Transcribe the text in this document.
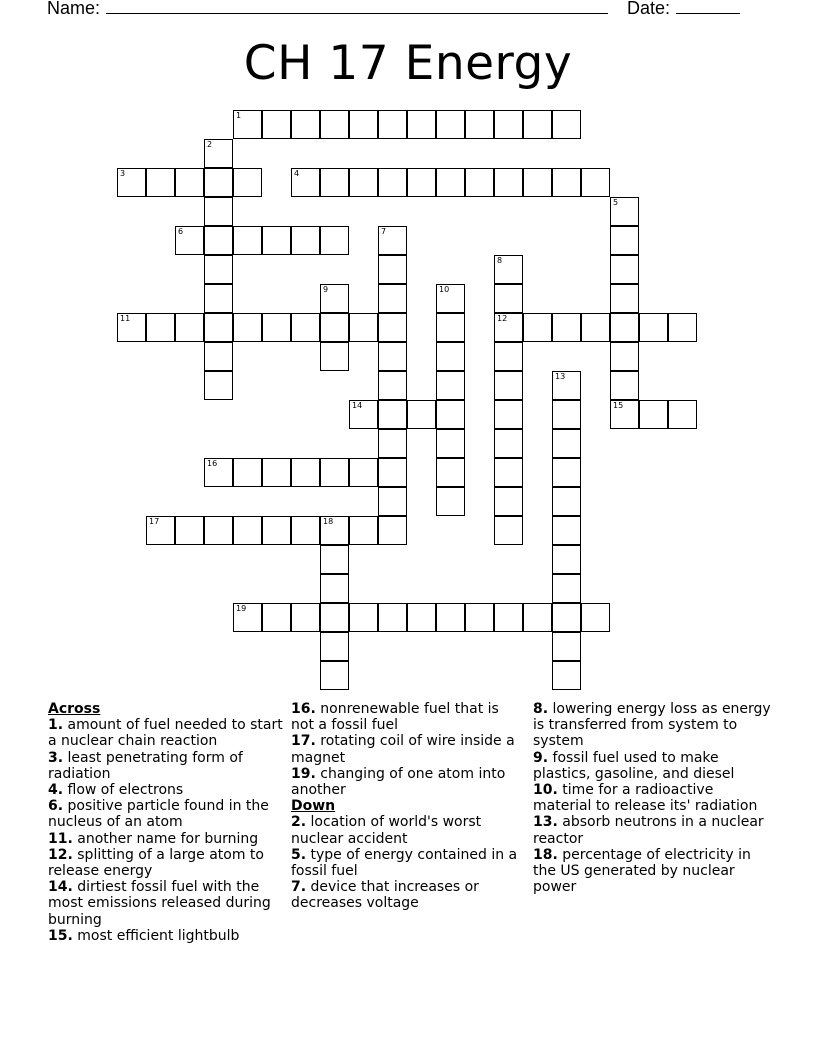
Name:	Date:
CH 17 Energy
1
3	4
6
11	12
14	15
16
17	18
19
2
5
7
8
9	10
13
Across
1. amount of fuel needed to start a nuclear chain reaction
3. least penetrating form of radiation
4. flow of electrons
6. positive particle found in the nucleus of an atom
11. another name for burning
12. splitting of a large atom to release energy
14. dirtiest fossil fuel with the most emissions released during burning
15. most efficient lightbulb
16. nonrenewable fuel that is not a fossil fuel
17. rotating coil of wire inside a magnet
19. changing of one atom into another
Down
2. location of world's worst nuclear accident
5. type of energy contained in a fossil fuel
7. device that increases or decreases voltage
8. lowering energy loss as energy is transferred from system to system
9. fossil fuel used to make plastics, gasoline, and diesel
10. time for a radioactive material to release its' radiation
13. absorb neutrons in a nuclear reactor
18. percentage of electricity in the US generated by nuclear power
